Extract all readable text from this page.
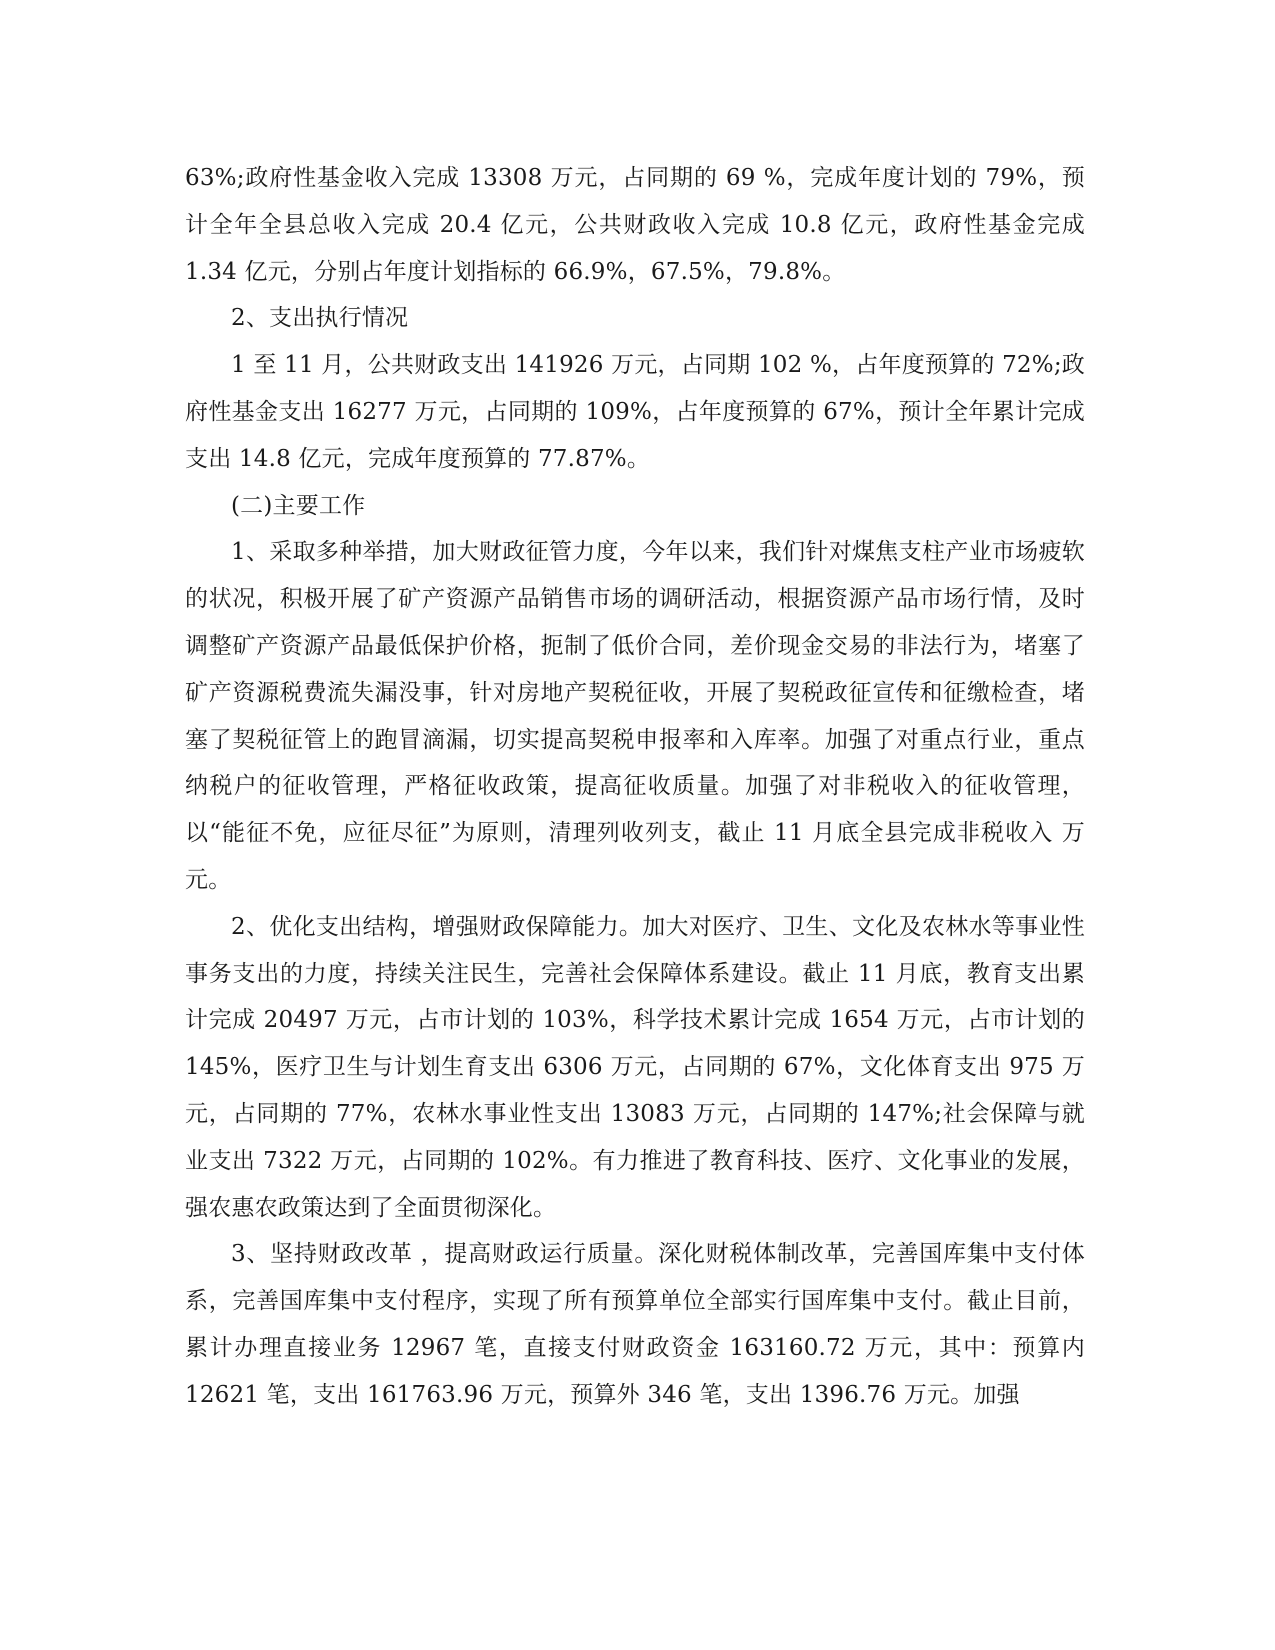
63%;政府性基金收入完成 13308 万元，占同期的 69 %，完成年度计划的 79%，预计全年全县总收入完成 20.4 亿元，公共财政收入完成 10.8 亿元，政府性基金完成 1.34 亿元，分别占年度计划指标的 66.9%，67.5%，79.8%。

2、支出执行情况

1 至 11 月，公共财政支出 141926 万元，占同期 102 %，占年度预算的 72%;政府性基金支出 16277 万元，占同期的 109%，占年度预算的 67%，预计全年累计完成支出 14.8 亿元，完成年度预算的 77.87%。

(二)主要工作

1、采取多种举措，加大财政征管力度，今年以来，我们针对煤焦支柱产业市场疲软的状况，积极开展了矿产资源产品销售市场的调研活动，根据资源产品市场行情，及时调整矿产资源产品最低保护价格，扼制了低价合同，差价现金交易的非法行为，堵塞了矿产资源税费流失漏没事，针对房地产契税征收，开展了契税政征宣传和征缴检查，堵塞了契税征管上的跑冒滴漏，切实提高契税申报率和入库率。加强了对重点行业，重点纳税户的征收管理，严格征收政策，提高征收质量。加强了对非税收入的征收管理，以“能征不免，应征尽征”为原则，清理列收列支，截止 11 月底全县完成非税收入 万元。

2、优化支出结构，增强财政保障能力。加大对医疗、卫生、文化及农林水等事业性事务支出的力度，持续关注民生，完善社会保障体系建设。截止 11 月底，教育支出累计完成 20497 万元，占市计划的 103%，科学技术累计完成 1654 万元，占市计划的 145%，医疗卫生与计划生育支出 6306 万元，占同期的 67%，文化体育支出 975 万元，占同期的 77%，农林水事业性支出 13083 万元，占同期的 147%;社会保障与就业支出 7322 万元，占同期的 102%。有力推进了教育科技、医疗、文化事业的发展，强农惠农政策达到了全面贯彻深化。

3、坚持财政改革 ，提高财政运行质量。深化财税体制改革，完善国库集中支付体系，完善国库集中支付程序，实现了所有预算单位全部实行国库集中支付。截止目前，累计办理直接业务 12967 笔，直接支付财政资金 163160.72 万元，其中：预算内 12621 笔，支出 161763.96 万元，预算外 346 笔，支出 1396.76 万元。加强
